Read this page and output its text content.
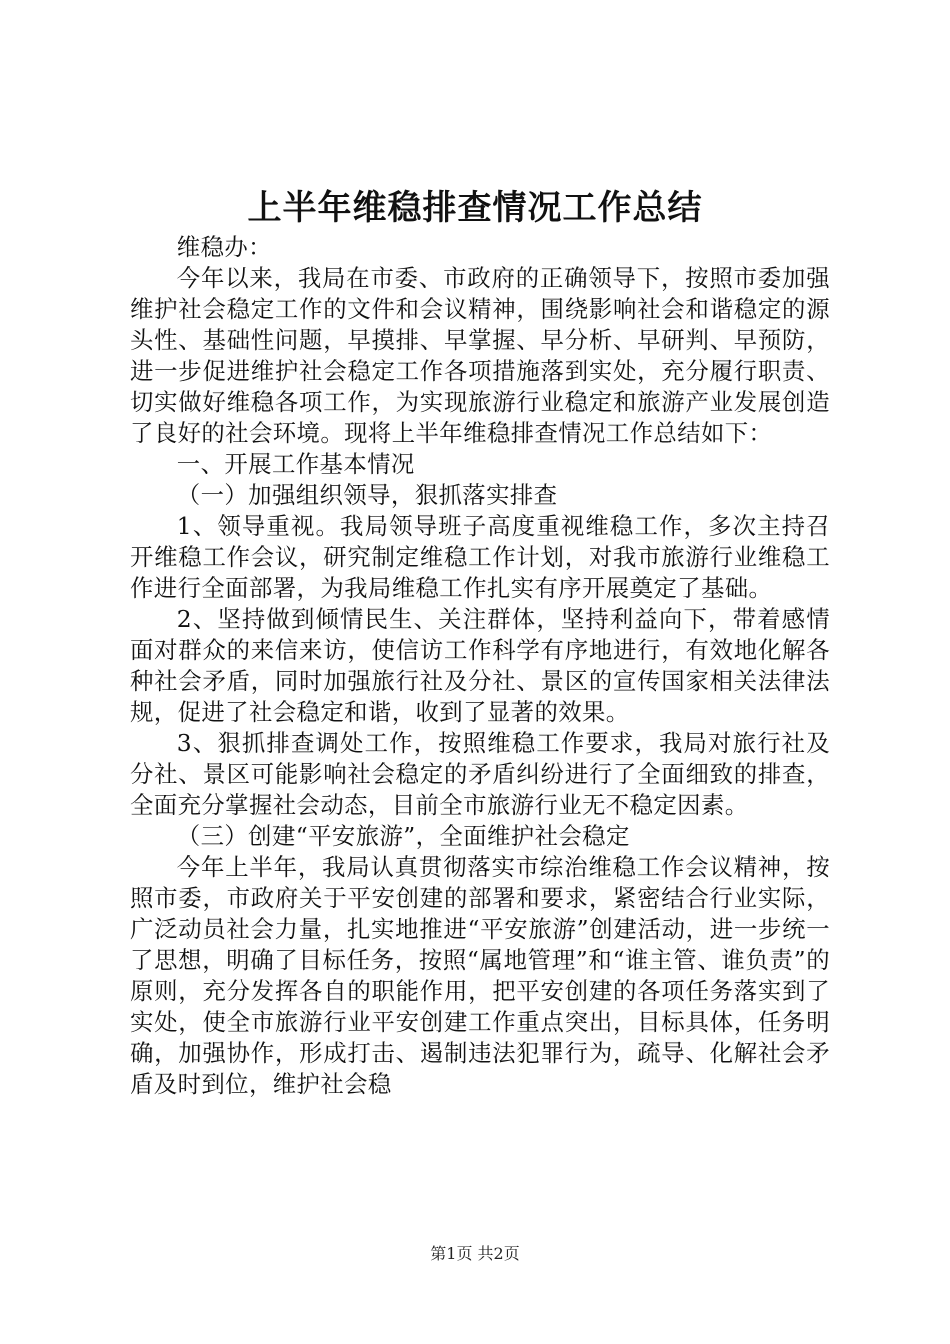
上半年维稳排查情况工作总结

维稳办：

今年以来，我局在市委、市政府的正确领导下，按照市委加强维护社会稳定工作的文件和会议精神，围绕影响社会和谐稳定的源头性、基础性问题，早摸排、早掌握、早分析、早研判、早预防，进一步促进维护社会稳定工作各项措施落到实处，充分履行职责、切实做好维稳各项工作，为实现旅游行业稳定和旅游产业发展创造了良好的社会环境。现将上半年维稳排查情况工作总结如下：

一、开展工作基本情况

（一）加强组织领导，狠抓落实排查

1、领导重视。我局领导班子高度重视维稳工作，多次主持召开维稳工作会议，研究制定维稳工作计划，对我市旅游行业维稳工作进行全面部署，为我局维稳工作扎实有序开展奠定了基础。

2、坚持做到倾情民生、关注群体，坚持利益向下，带着感情面对群众的来信来访，使信访工作科学有序地进行，有效地化解各种社会矛盾，同时加强旅行社及分社、景区的宣传国家相关法律法规，促进了社会稳定和谐，收到了显著的效果。

3、狠抓排查调处工作，按照维稳工作要求，我局对旅行社及分社、景区可能影响社会稳定的矛盾纠纷进行了全面细致的排查，全面充分掌握社会动态，目前全市旅游行业无不稳定因素。

（三）创建“平安旅游”，全面维护社会稳定

今年上半年，我局认真贯彻落实市综治维稳工作会议精神，按照市委，市政府关于平安创建的部署和要求，紧密结合行业实际，广泛动员社会力量，扎实地推进“平安旅游”创建活动，进一步统一了思想，明确了目标任务，按照“属地管理”和“谁主管、谁负责”的原则，充分发挥各自的职能作用，把平安创建的各项任务落实到了实处，使全市旅游行业平安创建工作重点突出，目标具体，任务明确，加强协作，形成打击、遏制违法犯罪行为，疏导、化解社会矛盾及时到位，维护社会稳

第1页 共2页
